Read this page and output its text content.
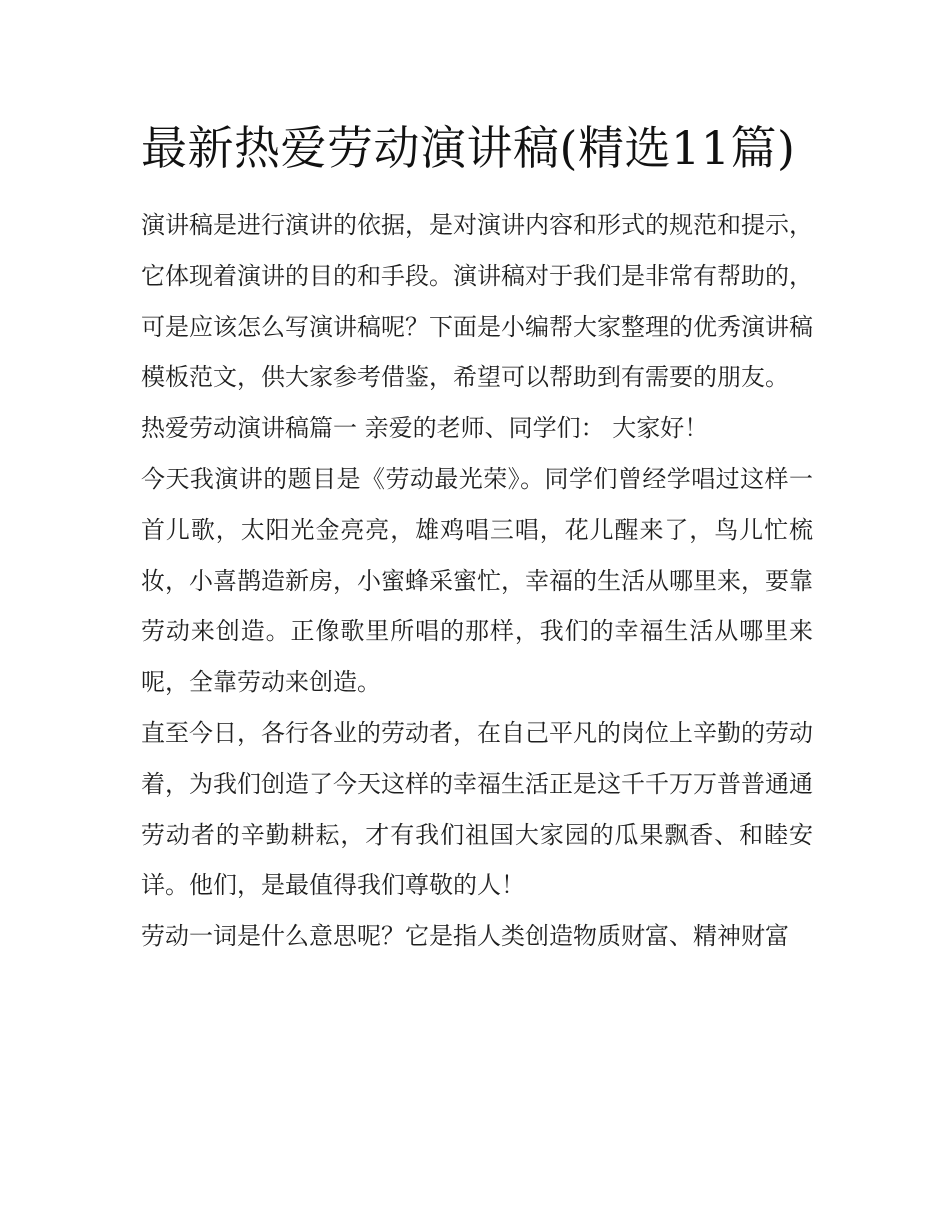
最新热爱劳动演讲稿(精选11篇)

演讲稿是进行演讲的依据，是对演讲内容和形式的规范和提示，它体现着演讲的目的和手段。演讲稿对于我们是非常有帮助的，可是应该怎么写演讲稿呢？下面是小编帮大家整理的优秀演讲稿模板范文，供大家参考借鉴，希望可以帮助到有需要的朋友。

热爱劳动演讲稿篇一 亲爱的老师、同学们： 大家好！

今天我演讲的题目是《劳动最光荣》。同学们曾经学唱过这样一首儿歌，太阳光金亮亮，雄鸡唱三唱，花儿醒来了，鸟儿忙梳妆，小喜鹊造新房，小蜜蜂采蜜忙，幸福的生活从哪里来，要靠劳动来创造。正像歌里所唱的那样，我们的幸福生活从哪里来呢，全靠劳动来创造。

直至今日，各行各业的劳动者，在自己平凡的岗位上辛勤的劳动着，为我们创造了今天这样的幸福生活正是这千千万万普普通通劳动者的辛勤耕耘，才有我们祖国大家园的瓜果飘香、和睦安详。他们，是最值得我们尊敬的人！

劳动一词是什么意思呢？它是指人类创造物质财富、精神财富
